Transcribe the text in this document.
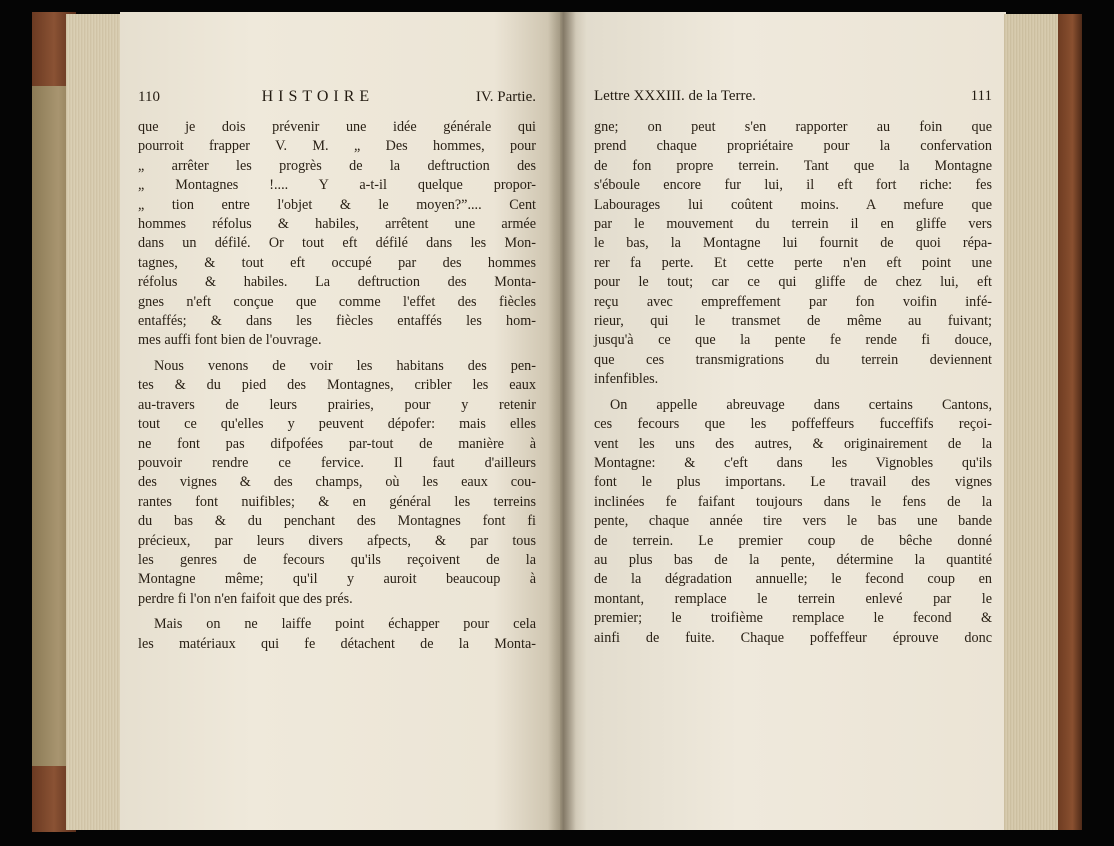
110	HISTOIRE	IV. Partie.
que je dois prévenir une idée générale qui
pourroit frapper V. M. „ Des hommes, pour
„ arrêter les progrès de la deftruction des
„ Montagnes !.... Y a-t-il quelque propor-
„ tion entre l'objet & le moyen?”.... Cent
hommes réfolus & habiles, arrêtent une armée
dans un défilé. Or tout eft défilé dans les Mon-
tagnes, & tout eft occupé par des hommes
réfolus & habiles. La deftruction des Monta-
gnes n'eft conçue que comme l'effet des fiècles
entaffés; & dans les fiècles entaffés les hom-
mes auffi font bien de l'ouvrage.
Nous venons de voir les habitans des pen-
tes & du pied des Montagnes, cribler les eaux
au-travers de leurs prairies, pour y retenir
tout ce qu'elles y peuvent dépofer: mais elles
ne font pas difpofées par-tout de manière à
pouvoir rendre ce fervice. Il faut d'ailleurs
des vignes & des champs, où les eaux cou-
rantes font nuifibles; & en général les terreins
du bas & du penchant des Montagnes font fi
précieux, par leurs divers afpects, & par tous
les genres de fecours qu'ils reçoivent de la
Montagne même; qu'il y auroit beaucoup à
perdre fi l'on n'en faifoit que des prés.
Mais on ne laiffe point échapper pour cela
les matériaux qui fe détachent de la Monta-
Lettre XXXIII. de la Terre.	111
gne; on peut s'en rapporter au foin que
prend chaque propriétaire pour la confervation
de fon propre terrein. Tant que la Montagne
s'éboule encore fur lui, il eft fort riche: fes
Labourages lui coûtent moins. A mefure que
par le mouvement du terrein il en gliffe vers
le bas, la Montagne lui fournit de quoi répa-
rer fa perte. Et cette perte n'en eft point une
pour le tout; car ce qui gliffe de chez lui, eft
reçu avec empreffement par fon voifin infé-
rieur, qui le transmet de même au fuivant;
jusqu'à ce que la pente fe rende fi douce,
que ces transmigrations du terrein deviennent
infenfibles.
On appelle abreuvage dans certains Cantons,
ces fecours que les poffeffeurs fucceffifs reçoi-
vent les uns des autres, & originairement de la
Montagne: & c'eft dans les Vignobles qu'ils
font le plus importans. Le travail des vignes
inclinées fe faifant toujours dans le fens de la
pente, chaque année tire vers le bas une bande
de terrein. Le premier coup de bêche donné
au plus bas de la pente, détermine la quantité
de la dégradation annuelle; le fecond coup en
montant, remplace le terrein enlevé par le
premier; le troifième remplace le fecond &
ainfi de fuite. Chaque poffeffeur éprouve donc
